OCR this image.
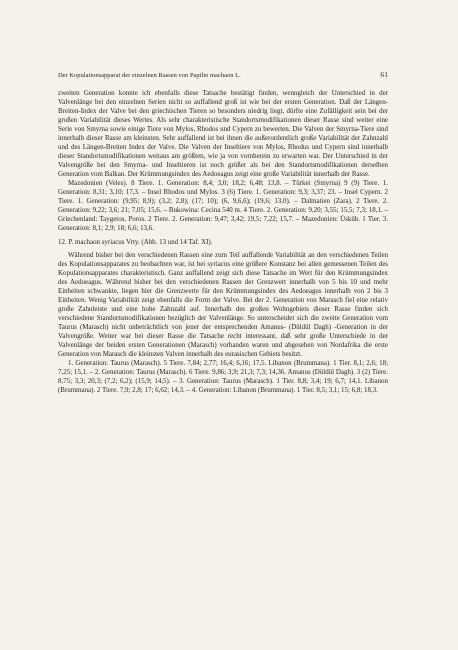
Der Kopulationsapparat der einzelnen Rassen von Papilio machaon L.	61

zweiten Generation konnte ich ebenfalls diese Tatsache bestätigt finden, wenngleich der Unterschied in der Valvenlänge bei den einzelnen Serien nicht so auffallend groß ist wie bei der ersten Generation. Daß der Längen-Breiten-Index der Valve bei den griechischen Tieren so besonders niedrig liegt, dürfte eine Zufälligkeit sein bei der großen Variabilität dieses Wertes. Als sehr charakteristische Standortsmodifikationen dieser Rasse sind weiter eine Serie von Smyrna sowie einige Tiere von Mylos, Rhodos und Cypern zu bewerten. Die Valven der Smyrna-Tiere sind innerhalb dieser Rasse am kleinsten. Sehr auffallend ist bei ihnen die außerordentlich große Variabilität der Zahnzahl und des Längen-Breiten Index der Valve. Die Valven der Inseltiere von Mylos, Rhodus und Cypern sind innerhalb dieser Standortsmodifikationen weitaus am größten, wie ja von vornherein zu erwarten war. Der Unterschied in der Valvengröße bei den Smyrna- und Inseltieren ist noch größer als bei den Standortsmodifikationen derselben Generation vom Balkan. Der Krümmungsindex des Aedoeagus zeigt eine große Variabilität innerhalb der Rasse.

Mazedonien (Veles). 8 Tiere. 1. Generation: 8,4; 3,0; 18,2; 6,48; 13,8. – Türkei (Smyrna) 9 (9) Tiere. 1. Generation: 8,31; 3,10; 17,3. – Insel Rhodos und Mylos. 3 (6) Tiere. 1. Generation: 9,3; 3,37; 23. – Insel Cypern. 2 Tiere. 1. Generation: (9,95; 8,9); (3,2; 2,8); (17; 10); (6, 9,6,6); (19,6; 13,0). – Dalmatien (Zara). 2 Tiere. 2. Generation: 9,22; 3,6; 21; 7,05; 15,6. – Bukowina: Cecina 540 m. 4 Tiere. 2. Generation: 9,20; 3,55; 15,5; 7,3; 18,1. – Griechenland: Taygetos, Poros. 2 Tiere. 2. Generation: 9,47; 3,42; 19,5; 7,22; 15,7. – Mazedonien: Üsküb. 1 Tier. 3. Generation: 8,1; 2,9; 18; 6,6; 13,6.

12. P. machaon syriacus Vrty. (Abb. 13 und 14 Taf. XI).

Während bisher bei den verschiedenen Rassen eine zum Teil auffallende Variabilität an den verschiedenen Teilen des Kopulationsapparates zu beobachten war, ist bei syriacus eine größere Konstanz bei allen gemessenen Teilen des Kopulationsapparates charakteristisch. Ganz auffallend zeigt sich diese Tatsache im Wert für den Krümmungsindex des Aedoeagus. Während bisher bei den verschiedenen Rassen der Grenzwert innerhalb von 5 bis 10 und mehr Einheiten schwankte, liegen hier die Grenzwerte für den Krümmungsindex des Aedoeagus innerhalb von 2 bis 3 Einheiten. Wenig Variabilität zeigt ebenfalls die Form der Valve. Bei der 2. Generation von Marasch fiel eine relativ große Zahnleiste und eine hohe Zahnzahl auf. Innerhalb des großen Wohngebiets dieser Rasse finden sich verschiedene Standortsmodifikationen bezüglich der Valvenlänge. So unterscheidet sich die zweite Generation vom Taurus (Marasch) nicht unbeträchtlich von jener der entsprechenden Amanus- (Düldül Dagh) -Generation in der Valvengröße. Weiter war bei dieser Rasse die Tatsache recht interessant, daß sehr große Unterschiede in der Valvenlänge der beiden ersten Generationen (Marasch) vorhanden waren und abgesehen von Nordafrika die erste Generation von Marasch die kleinsten Valven innerhalb des eurasischen Gebiets besitzt.

1. Generation: Taurus (Marasch). 5 Tiere. 7,84; 2,77; 16,4; 6,16; 17,5. Libanon (Brummana). 1 Tier. 8,1; 2,6; 18; 7,25; 15,1. – 2. Generation: Taurus (Marasch). 6 Tiere. 9,86; 3,9; 21,3; 7,3; 14,36. Amanus (Düldül Dagh). 3 (2) Tiere. 8,75; 3,3; 20,3; (7,2; 6,2); (15,9; 14,5). – 3. Generation: Taurus (Marasch). 1 Tier. 8,8; 3,4; 19; 6,7; 14,1. Libanon (Brummana). 2 Tiere. 7,9; 2,8; 17; 6,62; 14,3. – 4. Generation: Libanon (Brummana). 1 Tier. 8,5; 3,1; 15; 6,8; 18,3.
